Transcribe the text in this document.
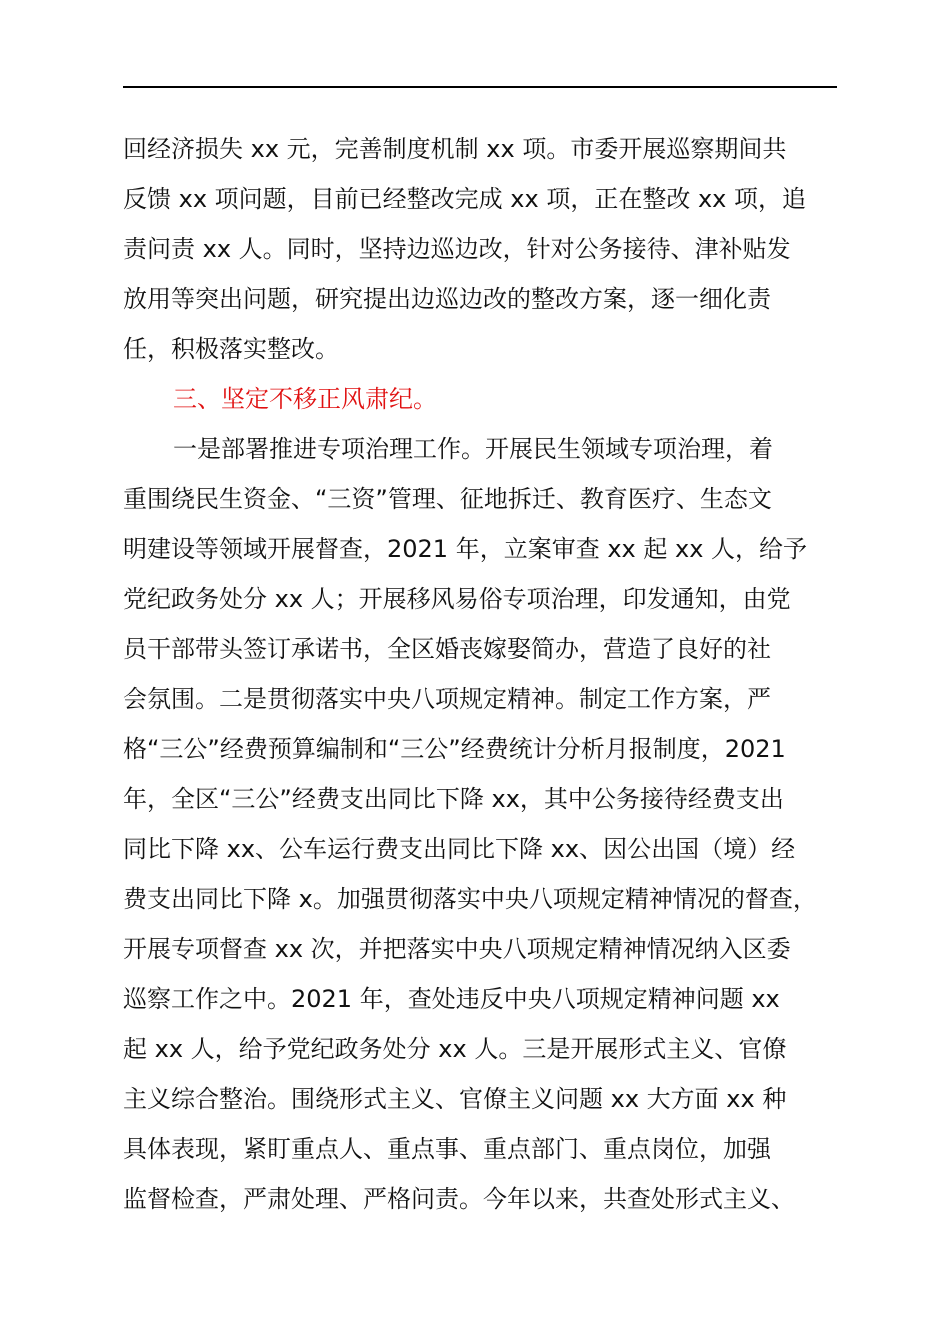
回经济损失 xx 元，完善制度机制 xx 项。市委开展巡察期间共
反馈 xx 项问题，目前已经整改完成 xx 项，正在整改 xx 项，追
责问责 xx 人。同时，坚持边巡边改，针对公务接待、津补贴发
放用等突出问题，研究提出边巡边改的整改方案，逐一细化责
任，积极落实整改。
三、坚定不移正风肃纪。
一是部署推进专项治理工作。开展民生领域专项治理，着
重围绕民生资金、“三资”管理、征地拆迁、教育医疗、生态文
明建设等领域开展督查，2021 年，立案审查 xx 起 xx 人，给予
党纪政务处分 xx 人；开展移风易俗专项治理，印发通知，由党
员干部带头签订承诺书，全区婚丧嫁娶简办，营造了良好的社
会氛围。二是贯彻落实中央八项规定精神。制定工作方案，严
格“三公”经费预算编制和“三公”经费统计分析月报制度，2021
年，全区“三公”经费支出同比下降 xx，其中公务接待经费支出
同比下降 xx、公车运行费支出同比下降 xx、因公出国（境）经
费支出同比下降 x。加强贯彻落实中央八项规定精神情况的督查，
开展专项督查 xx 次，并把落实中央八项规定精神情况纳入区委
巡察工作之中。2021 年，查处违反中央八项规定精神问题 xx
起 xx 人，给予党纪政务处分 xx 人。三是开展形式主义、官僚
主义综合整治。围绕形式主义、官僚主义问题 xx 大方面 xx 种
具体表现，紧盯重点人、重点事、重点部门、重点岗位，加强
监督检查，严肃处理、严格问责。今年以来，共查处形式主义、
